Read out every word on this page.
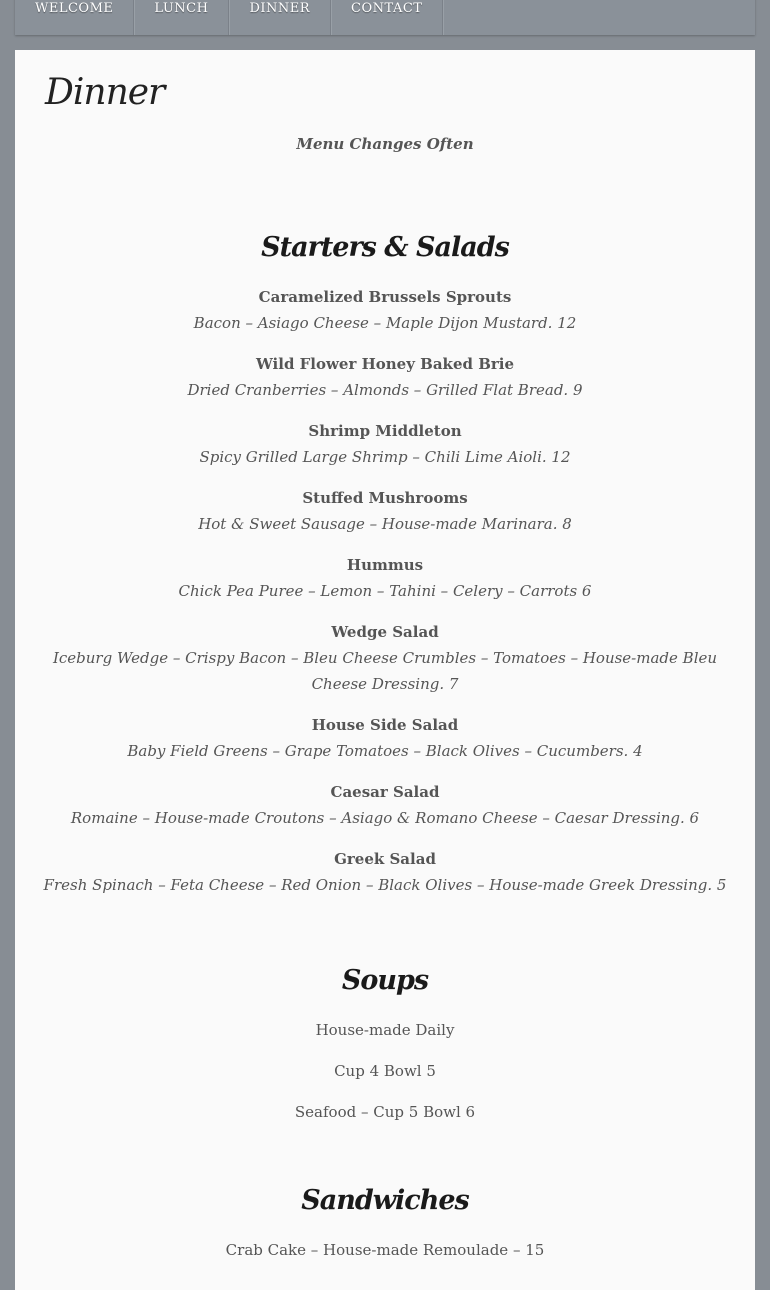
WELCOME	LUNCH	DINNER	CONTACT
Dinner
Menu Changes Often
Starters & Salads
Caramelized Brussels Sprouts
Bacon – Asiago Cheese – Maple Dijon Mustard. 12
Wild Flower Honey Baked Brie
Dried Cranberries – Almonds – Grilled Flat Bread. 9
Shrimp Middleton
Spicy Grilled Large Shrimp – Chili Lime Aioli. 12
Stuffed Mushrooms
Hot & Sweet Sausage – House-made Marinara. 8
Hummus
Chick Pea Puree – Lemon – Tahini – Celery – Carrots 6
Wedge Salad
Iceburg Wedge – Crispy Bacon – Bleu Cheese Crumbles – Tomatoes – House-made Bleu Cheese Dressing. 7
House Side Salad
Baby Field Greens – Grape Tomatoes – Black Olives – Cucumbers. 4
Caesar Salad
Romaine – House-made Croutons – Asiago & Romano Cheese – Caesar Dressing. 6
Greek Salad
Fresh Spinach – Feta Cheese – Red Onion – Black Olives – House-made Greek Dressing. 5
Soups
House-made Daily
Cup 4 Bowl 5
Seafood – Cup 5 Bowl 6
Sandwiches
Crab Cake – House-made Remoulade – 15
